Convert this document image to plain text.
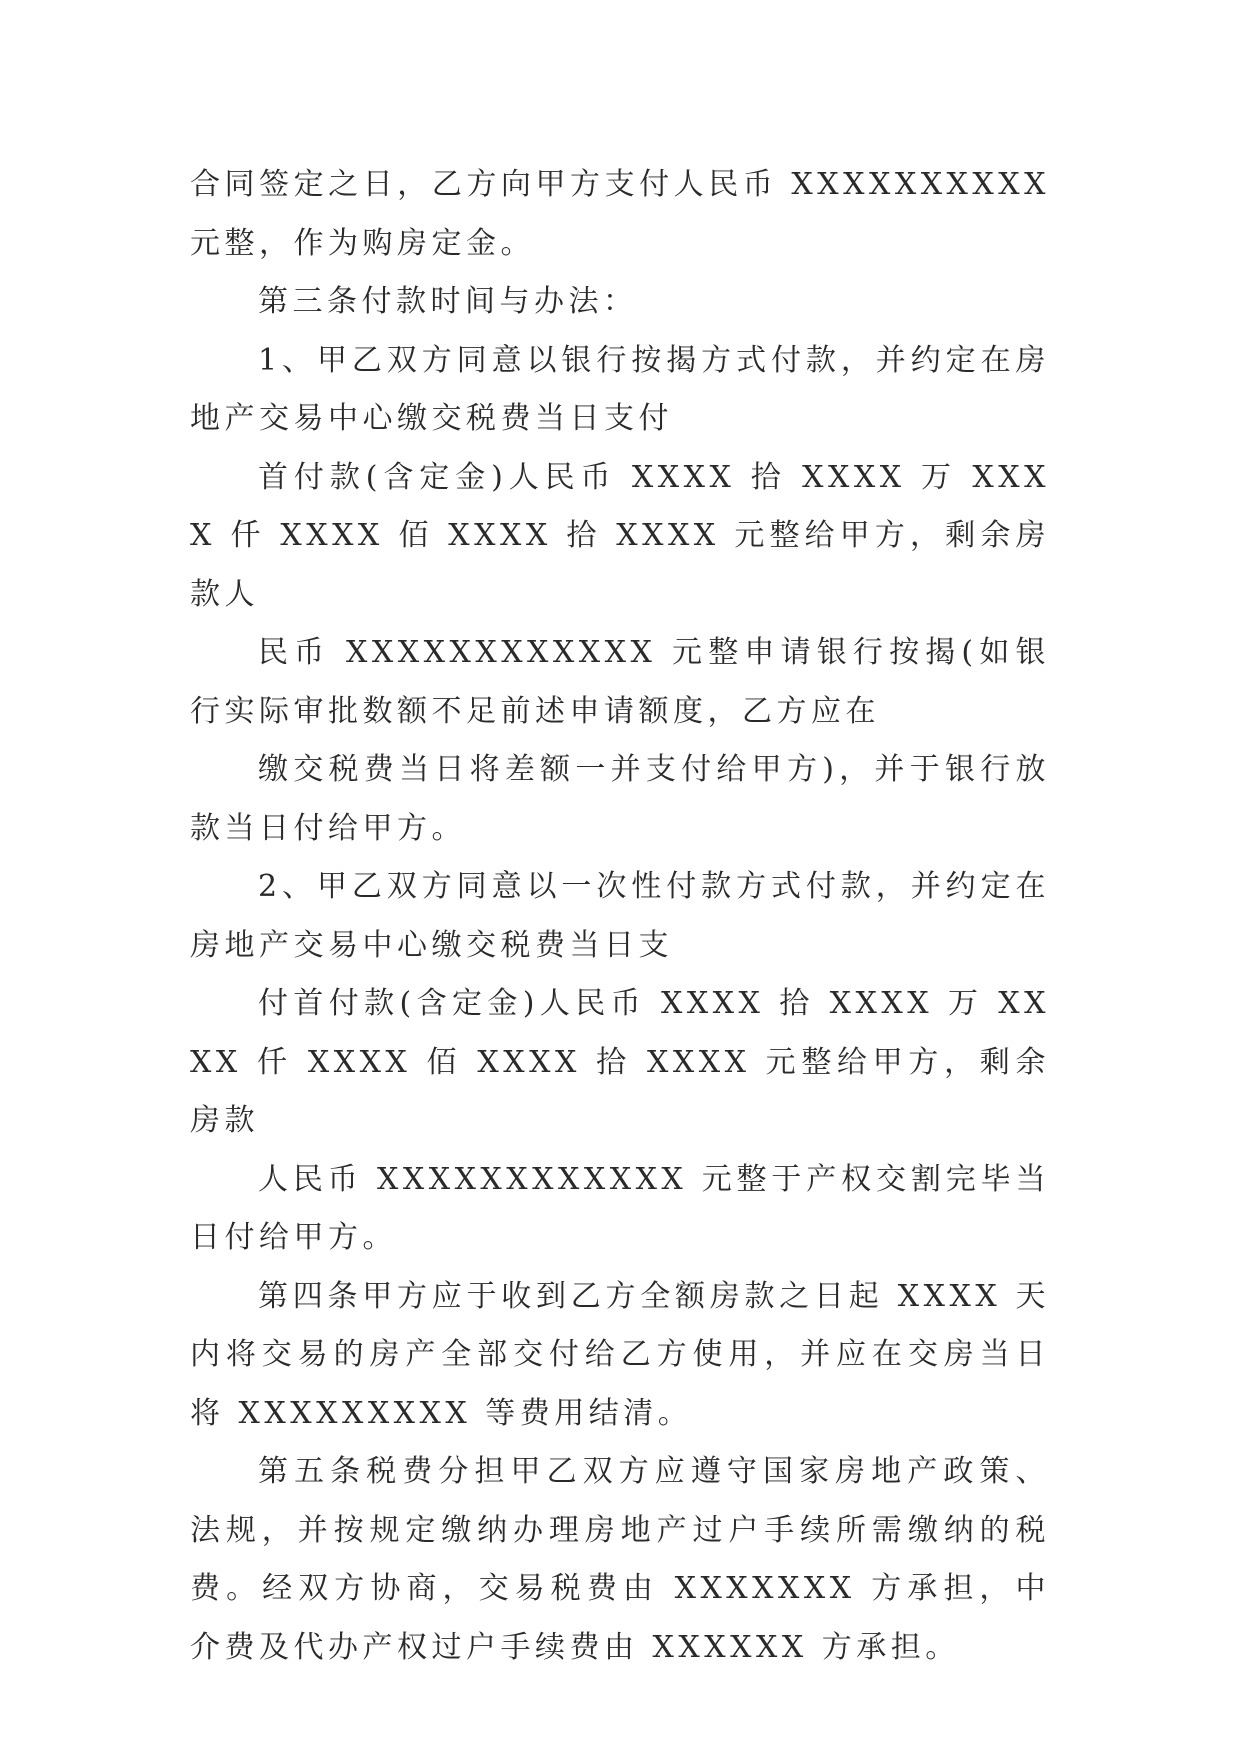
合同签定之日，乙方向甲方支付人民币 XXXXXXXXXX 元整，作为购房定金。

第三条付款时间与办法：

1、甲乙双方同意以银行按揭方式付款，并约定在房地产交易中心缴交税费当日支付

首付款(含定金)人民币 XXXX 拾 XXXX 万 XXXX 仟 XXXX 佰 XXXX 拾 XXXX 元整给甲方，剩余房款人

民币 XXXXXXXXXXXX 元整申请银行按揭(如银行实际审批数额不足前述申请额度，乙方应在

缴交税费当日将差额一并支付给甲方)，并于银行放款当日付给甲方。

2、甲乙双方同意以一次性付款方式付款，并约定在房地产交易中心缴交税费当日支

付首付款(含定金)人民币 XXXX 拾 XXXX 万 XXXX 仟 XXXX 佰 XXXX 拾 XXXX 元整给甲方，剩余房款

人民币 XXXXXXXXXXXX 元整于产权交割完毕当日付给甲方。

第四条甲方应于收到乙方全额房款之日起 XXXX 天内将交易的房产全部交付给乙方使用，并应在交房当日将 XXXXXXXXX 等费用结清。

第五条税费分担甲乙双方应遵守国家房地产政策、法规，并按规定缴纳办理房地产过户手续所需缴纳的税费。经双方协商，交易税费由 XXXXXXX 方承担，中介费及代办产权过户手续费由 XXXXXX 方承担。
